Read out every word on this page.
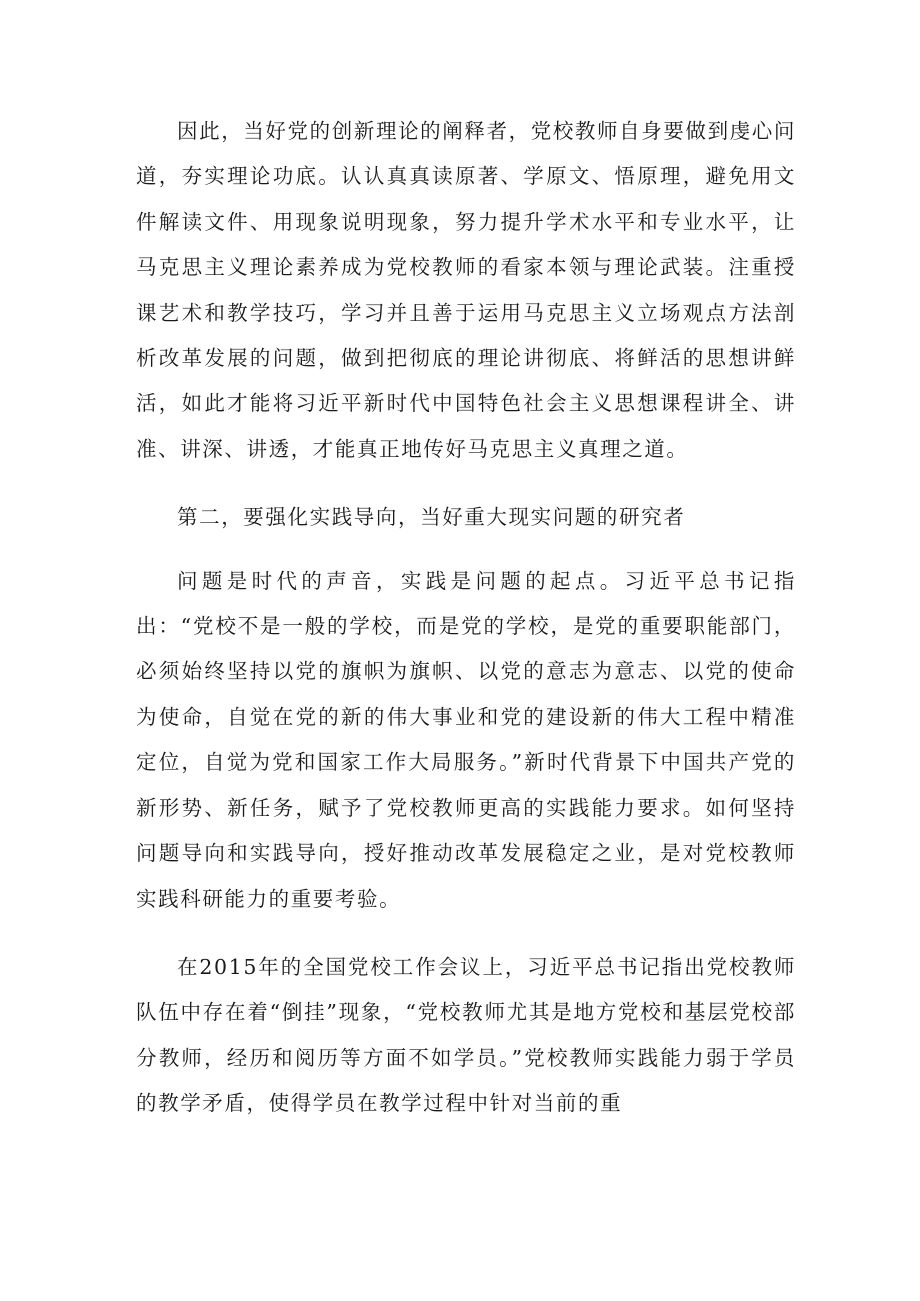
因此，当好党的创新理论的阐释者，党校教师自身要做到虔心问道，夯实理论功底。认认真真读原著、学原文、悟原理，避免用文件解读文件、用现象说明现象，努力提升学术水平和专业水平，让马克思主义理论素养成为党校教师的看家本领与理论武装。注重授课艺术和教学技巧，学习并且善于运用马克思主义立场观点方法剖析改革发展的问题，做到把彻底的理论讲彻底、将鲜活的思想讲鲜活，如此才能将习近平新时代中国特色社会主义思想课程讲全、讲准、讲深、讲透，才能真正地传好马克思主义真理之道。

第二，要强化实践导向，当好重大现实问题的研究者

问题是时代的声音，实践是问题的起点。习近平总书记指出：“党校不是一般的学校，而是党的学校，是党的重要职能部门，必须始终坚持以党的旗帜为旗帜、以党的意志为意志、以党的使命为使命，自觉在党的新的伟大事业和党的建设新的伟大工程中精准定位，自觉为党和国家工作大局服务。”新时代背景下中国共产党的新形势、新任务，赋予了党校教师更高的实践能力要求。如何坚持问题导向和实践导向，授好推动改革发展稳定之业，是对党校教师实践科研能力的重要考验。

在2015年的全国党校工作会议上，习近平总书记指出党校教师队伍中存在着“倒挂”现象，“党校教师尤其是地方党校和基层党校部分教师，经历和阅历等方面不如学员。”党校教师实践能力弱于学员的教学矛盾，使得学员在教学过程中针对当前的重
